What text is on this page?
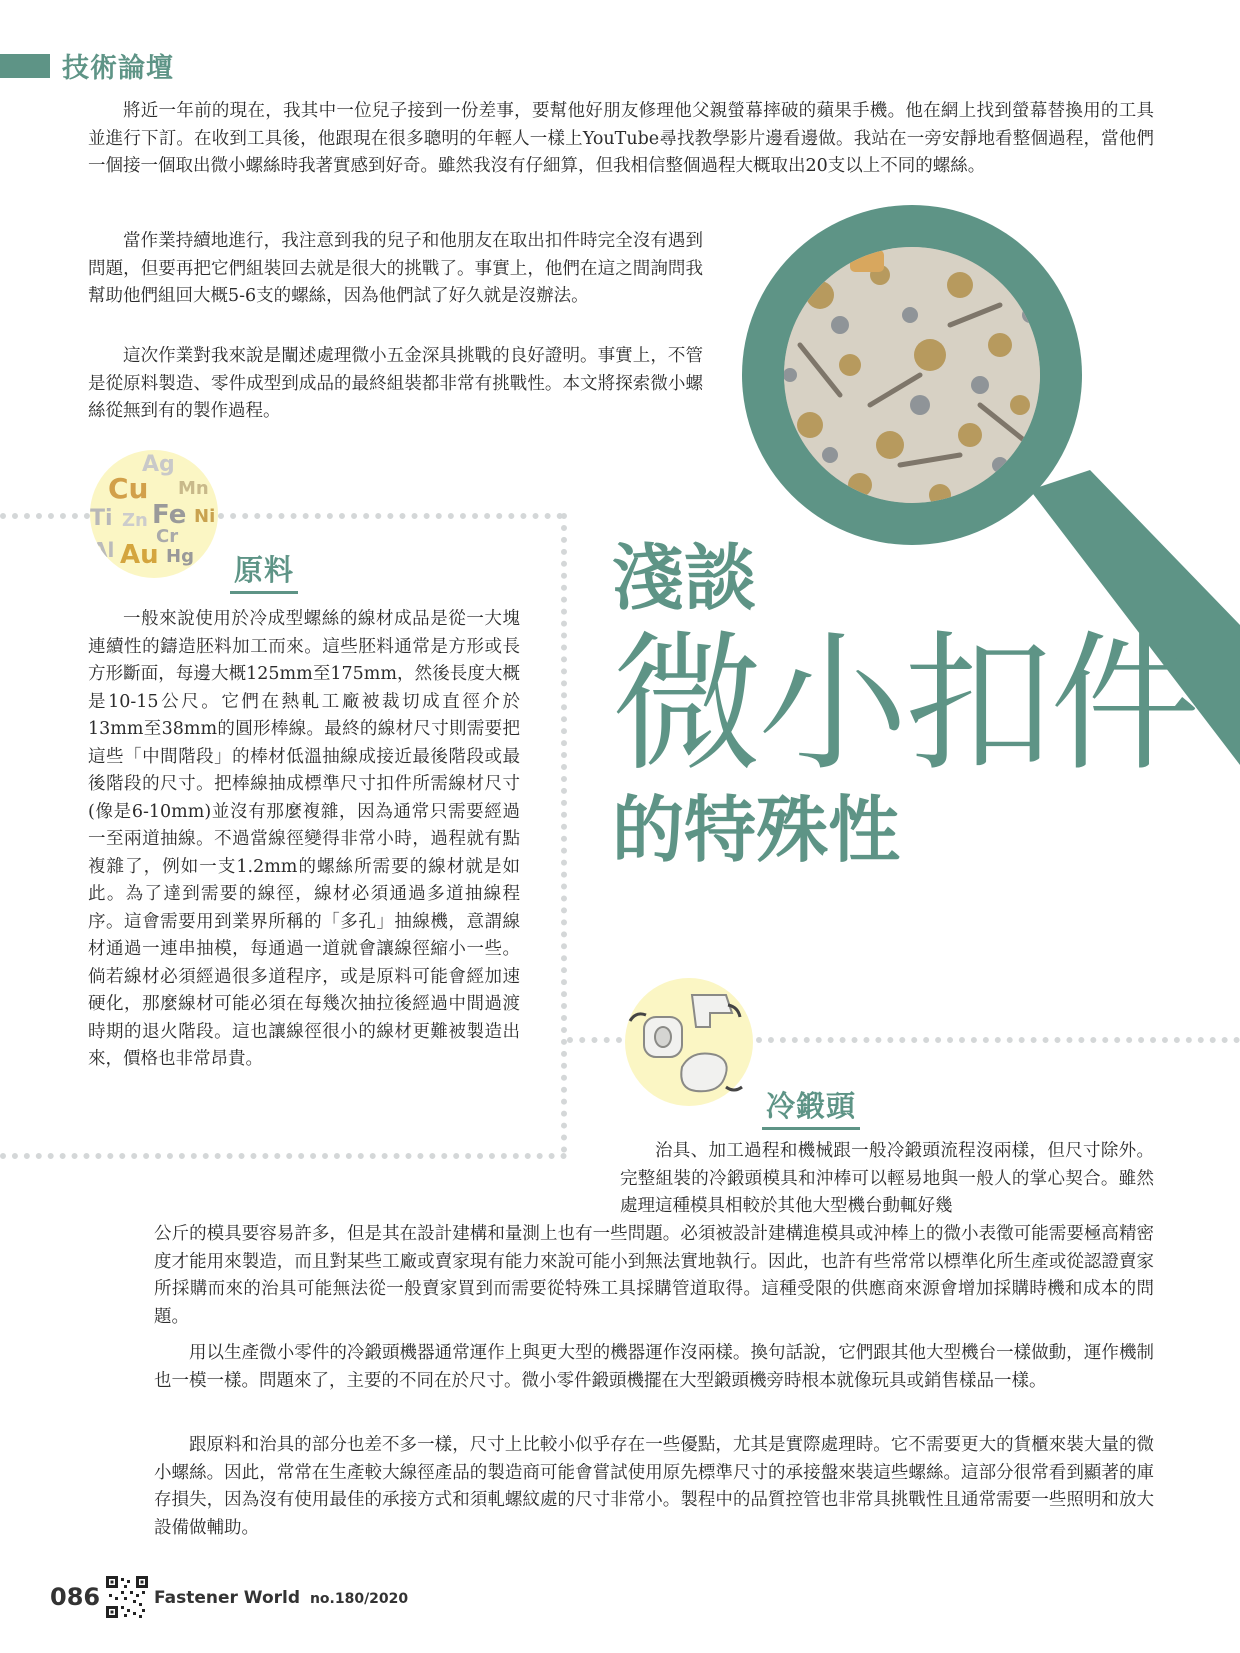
技術論壇

將近一年前的現在，我其中一位兒子接到一份差事，要幫他好朋友修理他父親螢幕摔破的蘋果手機。他在網上找到螢幕替換用的工具並進行下訂。在收到工具後，他跟現在很多聰明的年輕人一樣上YouTube尋找教學影片邊看邊做。我站在一旁安靜地看整個過程，當他們一個接一個取出微小螺絲時我著實感到好奇。雖然我沒有仔細算，但我相信整個過程大概取出20支以上不同的螺絲。

當作業持續地進行，我注意到我的兒子和他朋友在取出扣件時完全沒有遇到問題，但要再把它們組裝回去就是很大的挑戰了。事實上，他們在這之間詢問我幫助他們組回大概5-6支的螺絲，因為他們試了好久就是沒辦法。

這次作業對我來說是闡述處理微小五金深具挑戰的良好證明。事實上，不管是從原料製造、零件成型到成品的最終組裝都非常有挑戰性。本文將探索微小螺絲從無到有的製作過程。

文 / Laurence Claus
淺談
微小扣件
的特殊性
Ag
Cu Mn
Ti Zn Fe Ni
Cr
Al Au Hg 原料

一般來說使用於冷成型螺絲的線材成品是從一大塊連續性的鑄造胚料加工而來。這些胚料通常是方形或長方形斷面，每邊大概125mm至175mm，然後長度大概是10-15公尺。它們在熱軋工廠被裁切成直徑介於13mm至38mm的圓形棒線。最終的線材尺寸則需要把這些「中間階段」的棒材低溫抽線成接近最後階段或最後階段的尺寸。把棒線抽成標準尺寸扣件所需線材尺寸(像是6-10mm)並沒有那麼複雜，因為通常只需要經過一至兩道抽線。不過當線徑變得非常小時，過程就有點複雜了，例如一支1.2mm的螺絲所需要的線材就是如此。為了達到需要的線徑，線材必須通過多道抽線程序。這會需要用到業界所稱的「多孔」抽線機，意謂線材通過一連串抽模，每通過一道就會讓線徑縮小一些。倘若線材必須經過很多道程序，或是原料可能會經加速硬化，那麼線材可能必須在每幾次抽拉後經過中間過渡時期的退火階段。這也讓線徑很小的線材更難被製造出來，價格也非常昂貴。

冷鍛頭

治具、加工過程和機械跟一般冷鍛頭流程沒兩樣，但尺寸除外。完整組裝的冷鍛頭模具和沖棒可以輕易地與一般人的掌心契合。雖然處理這種模具相較於其他大型機台動輒好幾

公斤的模具要容易許多，但是其在設計建構和量測上也有一些問題。必須被設計建構進模具或沖棒上的微小表徵可能需要極高精密度才能用來製造，而且對某些工廠或賣家現有能力來說可能小到無法實地執行。因此，也許有些常常以標準化所生產或從認證賣家所採購而來的治具可能無法從一般賣家買到而需要從特殊工具採購管道取得。這種受限的供應商來源會增加採購時機和成本的問題。

用以生產微小零件的冷鍛頭機器通常運作上與更大型的機器運作沒兩樣。換句話說，它們跟其他大型機台一樣做動，運作機制也一模一樣。問題來了，主要的不同在於尺寸。微小零件鍛頭機擺在大型鍛頭機旁時根本就像玩具或銷售樣品一樣。

跟原料和治具的部分也差不多一樣，尺寸上比較小似乎存在一些優點，尤其是實際處理時。它不需要更大的貨櫃來裝大量的微小螺絲。因此，常常在生產較大線徑產品的製造商可能會嘗試使用原先標準尺寸的承接盤來裝這些螺絲。這部分很常看到顯著的庫存損失，因為沒有使用最佳的承接方式和須軋螺紋處的尺寸非常小。製程中的品質控管也非常具挑戰性且通常需要一些照明和放大設備做輔助。

086	Fastener World no.180/2020
